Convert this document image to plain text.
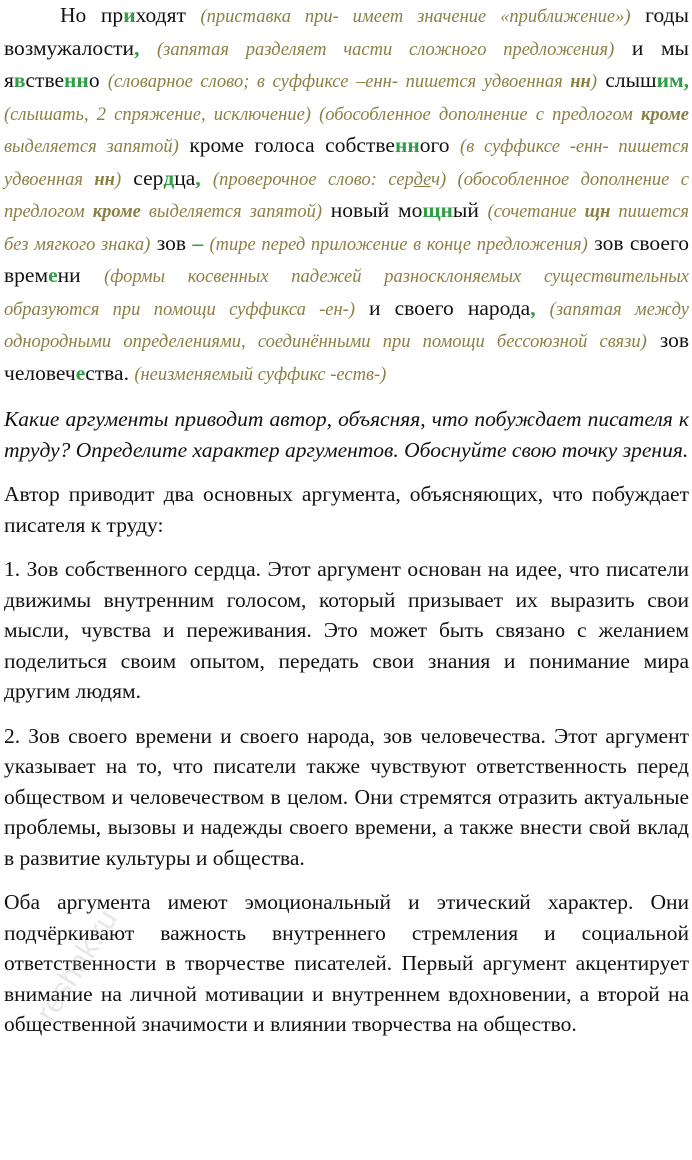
Но приходят (приставка при- имеет значение «приближение») годы возмужалости, (запятая разделяет части сложного предложения) и мы явственно (словарное слово; в суффиксе –енн- пишется удвоенная нн) слышим, (слышать, 2 спряжение, исключение) (обособленное дополнение с предлогом кроме выделяется запятой) кроме голоса собственного (в суффиксе -енн- пишется удвоенная нн) сердца, (проверочное слово: сердеч) (обособленное дополнение с предлогом кроме выделяется запятой) новый мощный (сочетание щн пишется без мягкого знака) зов – (тире перед приложение в конце предложения) зов своего времени (формы косвенных падежей разносклоняемых существительных образуются при помощи суффикса -ен-) и своего народа, (запятая между однородными определениями, соединёнными при помощи бессоюзной связи) зов человечества. (неизменяемый суффикс -еств-)

Какие аргументы приводит автор, объясняя, что побуждает писателя к труду? Определите характер аргументов. Обоснуйте свою точку зрения.

Автор приводит два основных аргумента, объясняющих, что побуждает писателя к труду:

1. Зов собственного сердца. Этот аргумент основан на идее, что писатели движимы внутренним голосом, который призывает их выразить свои мысли, чувства и переживания. Это может быть связано с желанием поделиться своим опытом, передать свои знания и понимание мира другим людям.

2. Зов своего времени и своего народа, зов человечества. Этот аргумент указывает на то, что писатели также чувствуют ответственность перед обществом и человечеством в целом. Они стремятся отразить актуальные проблемы, вызовы и надежды своего времени, а также внести свой вклад в развитие культуры и общества.

Оба аргумента имеют эмоциональный и этический характер. Они подчёркивают важность внутреннего стремления и социальной ответственности в творчестве писателей. Первый аргумент акцентирует внимание на личной мотивации и внутреннем вдохновении, а второй на общественной значимости и влиянии творчества на общество.

reshak.ru
